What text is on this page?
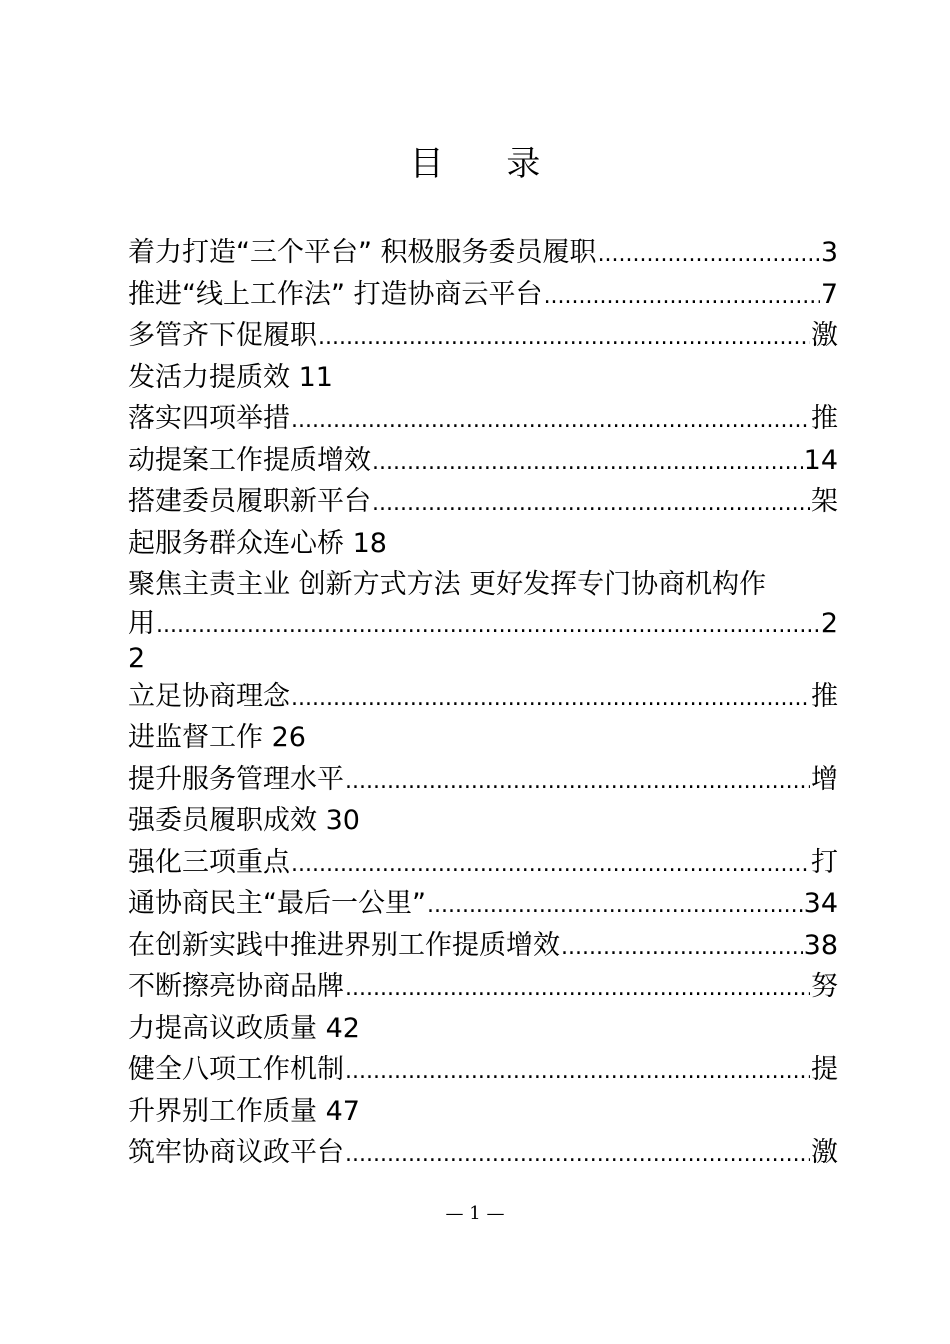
目 录
着力打造“三个平台” 积极服务委员履职 .....	3
推进“线上工作法” 打造协商云平台 .....	7
多管齐下促履职 .....	激
发活力提质效 11
落实四项举措 .....	推
动提案工作提质增效 .....	14
搭建委员履职新平台 .....	架
起服务群众连心桥 18
聚焦主责主业 创新方式方法 更好发挥专门协商机构作
用 .....	2
2
立足协商理念 .....	推
进监督工作 26
提升服务管理水平 .....	增
强委员履职成效 30
强化三项重点 .....	打
通协商民主“最后一公里” .....	34
在创新实践中推进界别工作提质增效 .....	38
不断擦亮协商品牌 .....	努
力提高议政质量 42
健全八项工作机制 .....	提
升界别工作质量 47
筑牢协商议政平台 .....	激
— 1 —
